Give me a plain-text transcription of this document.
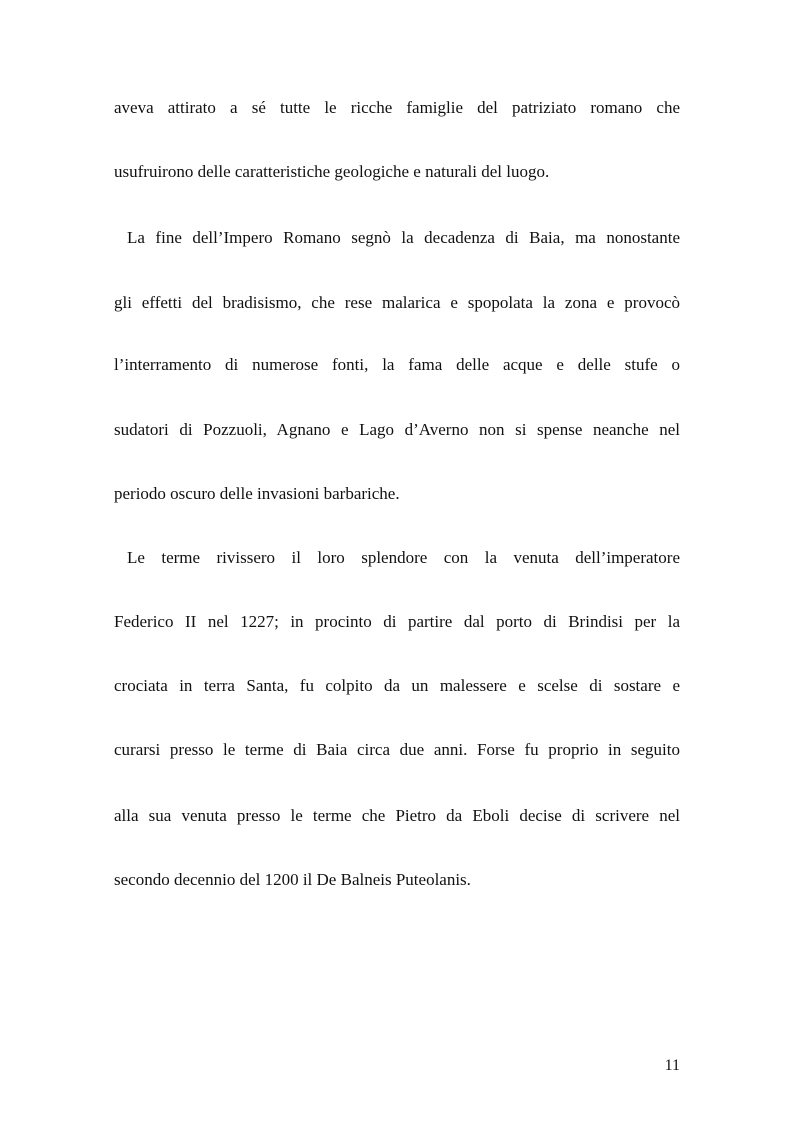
aveva attirato a sé tutte le ricche famiglie del patriziato romano che
usufruirono delle caratteristiche geologiche e naturali del luogo.
La fine dell’Impero Romano segnò la decadenza di Baia, ma nonostante
gli effetti del bradisismo, che rese malarica e spopolata la zona e provocò
l’interramento di numerose fonti, la fama delle acque e delle stufe o
sudatori di Pozzuoli, Agnano e Lago d’Averno non si spense neanche nel
periodo oscuro delle invasioni barbariche.
Le terme rivissero il loro splendore con la venuta dell’imperatore
Federico II nel 1227; in procinto di partire dal porto di Brindisi per la
crociata in terra Santa, fu colpito da un malessere e scelse di sostare e
curarsi presso le terme di Baia circa due anni. Forse fu proprio in seguito
alla sua venuta presso le terme che Pietro da Eboli decise di scrivere nel
secondo decennio del 1200 il De Balneis Puteolanis.
11
